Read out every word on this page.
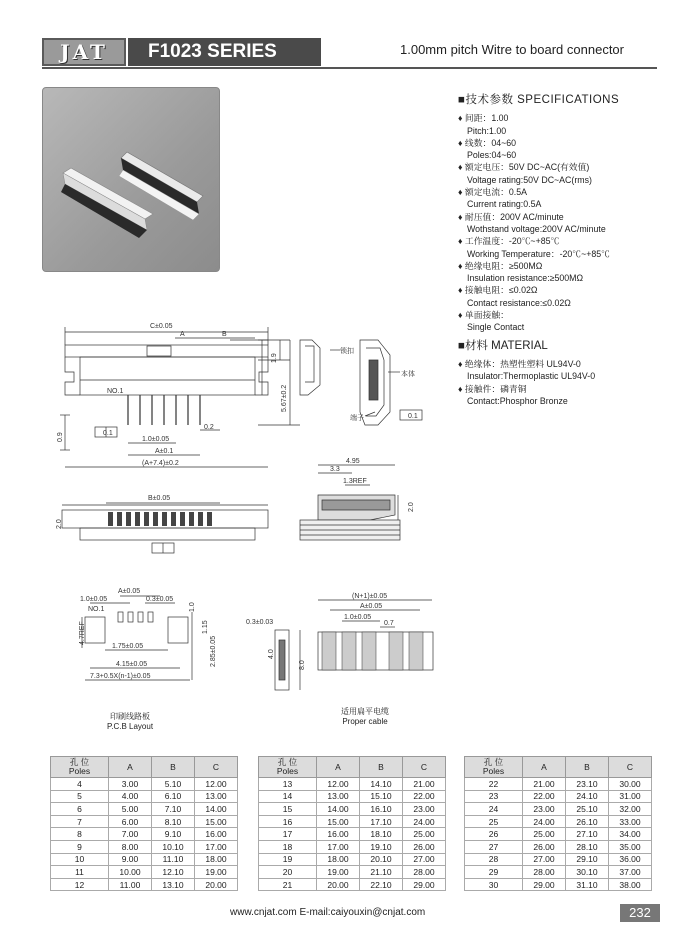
JAT	F1023 SERIES	1.00mm pitch Witre to board connector
■技术参数 SPECIFICATIONS
♦ 间距：1.00
Pitch:1.00
♦ 线数：04~60
Poles:04~60
♦ 额定电压：50V DC~AC(有效值)
Voltage rating:50V DC~AC(rms)
♦ 额定电流：0.5A
Current rating:0.5A
♦ 耐压值：200V AC/minute
Wothstand voltage:200V AC/minute
♦ 工作温度：-20℃~+85℃
Working Temperature：-20℃~+85℃
♦ 绝缘电阻：≥500MΩ
Insulation resistance:≥500MΩ
♦ 接触电阻：≤0.02Ω
Contact resistance:≤0.02Ω
♦ 单面接触：
Single Contact
■材料 MATERIAL
♦ 绝缘体：热塑性塑料 UL94V-0
Insulator:Thermoplastic UL94V-0
♦ 接触件：磷青铜
Contact:Phosphor Bronze
C±0.05
A	B
1.9
5.67±0.2
NO.1
0.9	0.1
1.0±0.05
A±0.1
0.2
(A+7.4)±0.2
锁扣
本体
端子	0.1
B±0.05
2.0
4.95
3.3
1.3REF
2.0
A±0.05
1.0±0.05	0.3±0.05
NO.1
4.7REF
1.75±0.05
4.15±0.05
7.3+0.5X(n-1)±0.05
2.85±0.05
1.15
1.0
(N+1)±0.05
A±0.05
1.0±0.05
0.7
0.3±0.03
4.0
8.0
印刷线路板
P.C.B Layout
适用扁平电缆
Proper cable
孔 位
Poles	A	B	C
4	3.00	5.10	12.00
5	4.00	6.10	13.00
6	5.00	7.10	14.00
7	6.00	8.10	15.00
8	7.00	9.10	16.00
9	8.00	10.10	17.00
10	9.00	11.10	18.00
11	10.00	12.10	19.00
12	11.00	13.10	20.00
孔 位
Poles	A	B	C
13	12.00	14.10	21.00
14	13.00	15.10	22.00
15	14.00	16.10	23.00
16	15.00	17.10	24.00
17	16.00	18.10	25.00
18	17.00	19.10	26.00
19	18.00	20.10	27.00
20	19.00	21.10	28.00
21	20.00	22.10	29.00
孔 位
Poles	A	B	C
22	21.00	23.10	30.00
23	22.00	24.10	31.00
24	23.00	25.10	32.00
25	24.00	26.10	33.00
26	25.00	27.10	34.00
27	26.00	28.10	35.00
28	27.00	29.10	36.00
29	28.00	30.10	37.00
30	29.00	31.10	38.00
www.cnjat.com E-mail:caiyouxin@cnjat.com	232
